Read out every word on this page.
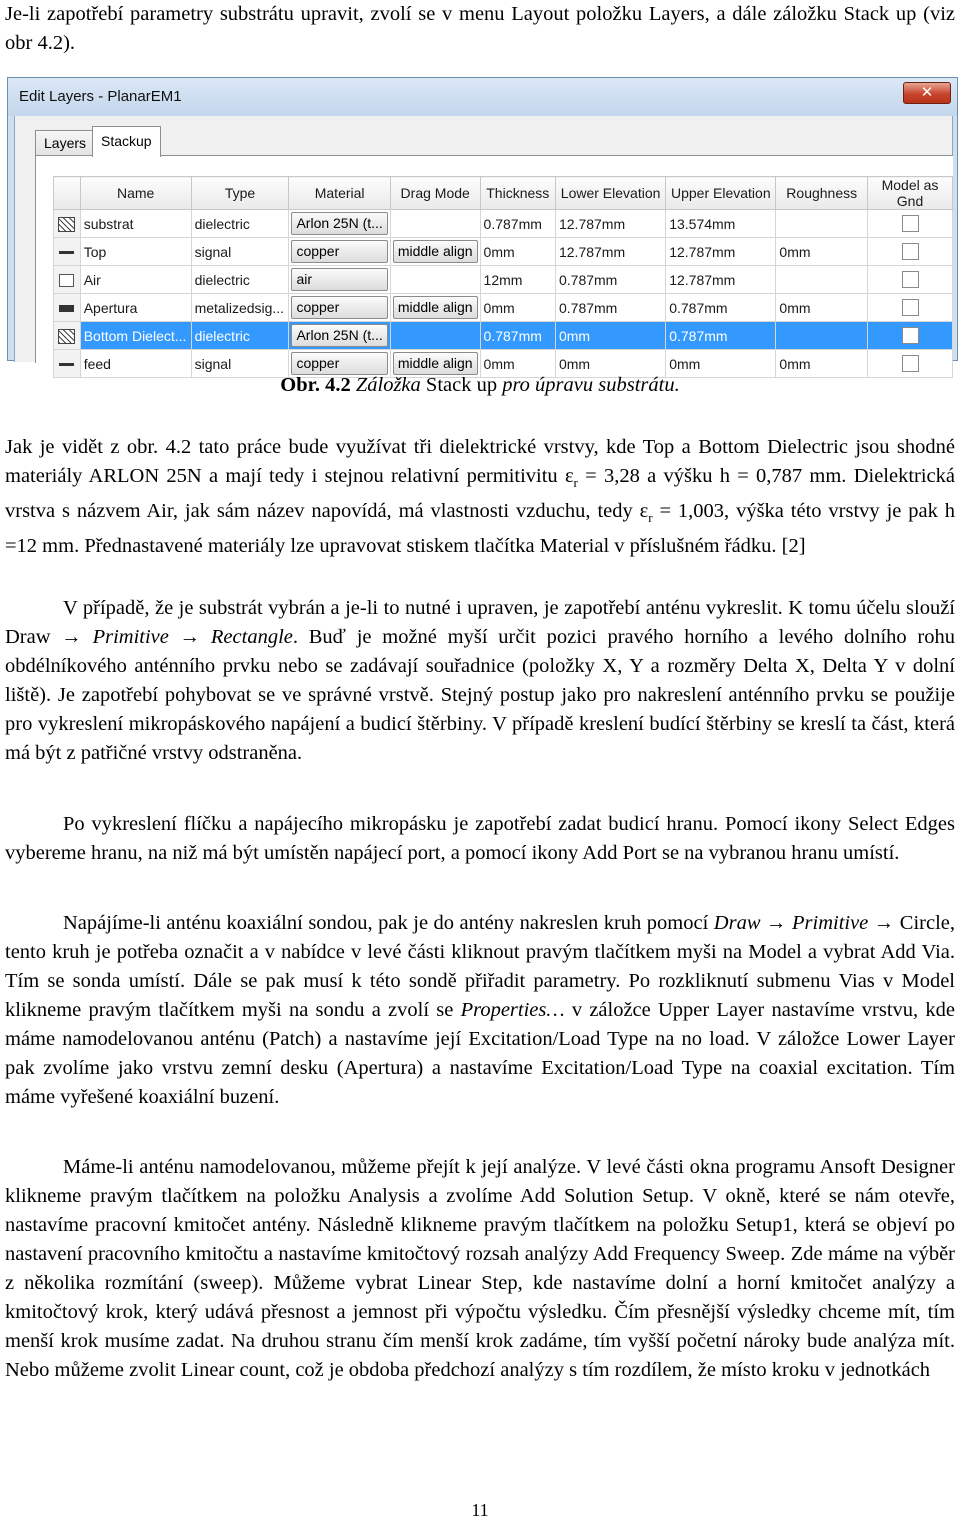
Je-li zapotřebí parametry substrátu upravit, zvolí se v menu Layout položku Layers, a dále záložku Stack up (viz obr 4.2).
Edit Layers - PlanarEM1	✕
Layers	Stackup
	Name	Type	Material	Drag Mode	Thickness	Lower Elevation	Upper Elevation	Roughness	Model as Gnd
	substrat	dielectric	Arlon 25N (t...		0.787mm	12.787mm	13.574mm		
	Top	signal	copper	middle align	0mm	12.787mm	12.787mm	0mm	
	Air	dielectric	air		12mm	0.787mm	12.787mm		
	Apertura	metalizedsig...	copper	middle align	0mm	0.787mm	0.787mm	0mm	
	Bottom Dielect...	dielectric	Arlon 25N (t...		0.787mm	0mm	0.787mm		
	feed	signal	copper	middle align	0mm	0mm	0mm	0mm	
Obr. 4.2 Záložka Stack up pro úpravu substrátu.
Jak je vidět z obr. 4.2 tato práce bude využívat tři dielektrické vrstvy, kde Top a Bottom Dielectric jsou shodné materiály ARLON 25N a mají tedy i stejnou relativní permitivitu $\varepsilon_r = 3,28$ a výšku h = 0,787 mm. Dielektrická vrstva s názvem Air, jak sám název napovídá, má vlastnosti vzduchu, tedy $\varepsilon_r = 1,003$, výška této vrstvy je pak h =12 mm. Přednastavené materiály lze upravovat stiskem tlačítka Material v příslušném řádku. [2]
V případě, že je substrát vybrán a je-li to nutné i upraven, je zapotřebí anténu vykreslit. K tomu účelu slouží Draw → Primitive → Rectangle. Buď je možné myší určit pozici pravého horního a levého dolního rohu obdélníkového anténního prvku nebo se zadávají souřadnice (položky X, Y a rozměry Delta X, Delta Y v dolní liště). Je zapotřebí pohybovat se ve správné vrstvě. Stejný postup jako pro nakreslení anténního prvku se použije pro vykreslení mikropáskového napájení a budicí štěrbiny. V případě kreslení budící štěrbiny se kreslí ta část, která má být z patřičné vrstvy odstraněna.
Po vykreslení flíčku a napájecího mikropásku je zapotřebí zadat budicí hranu. Pomocí ikony Select Edges vybereme hranu, na niž má být umístěn napájecí port, a pomocí ikony Add Port se na vybranou hranu umístí.
Napájíme-li anténu koaxiální sondou, pak je do antény nakreslen kruh pomocí Draw → Primitive → Circle, tento kruh je potřeba označit a v nabídce v levé části kliknout pravým tlačítkem myši na Model a vybrat Add Via. Tím se sonda umístí. Dále se pak musí k této sondě přiřadit parametry. Po rozkliknutí submenu Vias v Model klikneme pravým tlačítkem myši na sondu a zvolí se Properties… v záložce Upper Layer nastavíme vrstvu, kde máme namodelovanou anténu (Patch) a nastavíme její Excitation/Load Type na no load. V záložce Lower Layer pak zvolíme jako vrstvu zemní desku (Apertura) a nastavíme Excitation/Load Type na coaxial excitation. Tím máme vyřešené koaxiální buzení.
Máme-li anténu namodelovanou, můžeme přejít k její analýze. V levé části okna programu Ansoft Designer klikneme pravým tlačítkem na položku Analysis a zvolíme Add Solution Setup. V okně, které se nám otevře, nastavíme pracovní kmitočet antény. Následně klikneme pravým tlačítkem na položku Setup1, která se objeví po nastavení pracovního kmitočtu a nastavíme kmitočtový rozsah analýzy Add Frequency Sweep. Zde máme na výběr z několika rozmítání (sweep). Můžeme vybrat Linear Step, kde nastavíme dolní a horní kmitočet analýzy a kmitočtový krok, který udává přesnost a jemnost při výpočtu výsledku. Čím přesnější výsledky chceme mít, tím menší krok musíme zadat. Na druhou stranu čím menší krok zadáme, tím vyšší početní nároky bude analýza mít. Nebo můžeme zvolit Linear count, což je obdoba předchozí analýzy s tím rozdílem, že místo kroku v jednotkách
11
